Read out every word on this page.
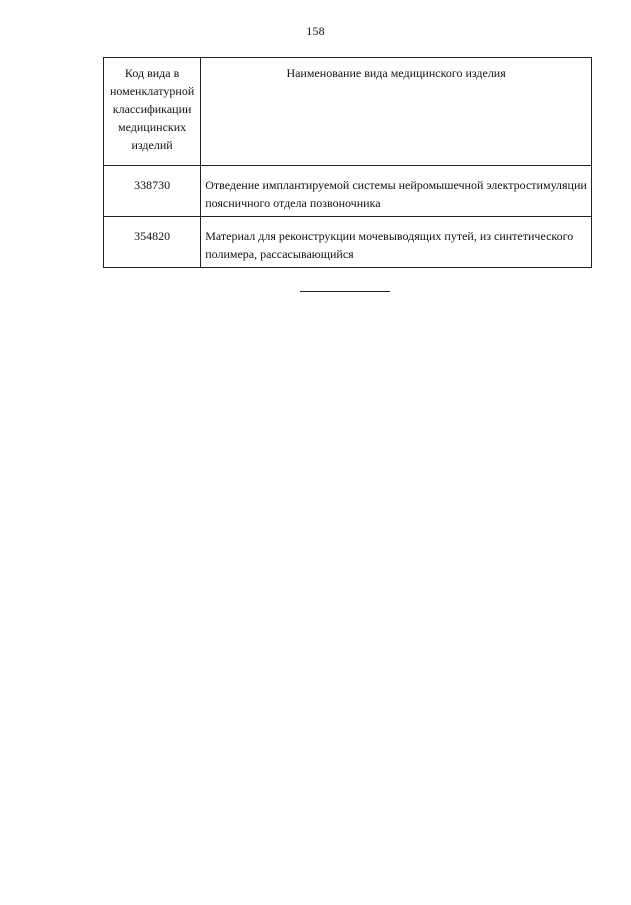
158
Код вида в
номенклатурной
классификации
медицинских
изделий	Наименование вида медицинского изделия
338730	Отведение имплантируемой системы нейромышечной электростимуляции поясничного отдела позвоночника
354820	Материал для реконструкции мочевыводящих путей, из синтетического полимера, рассасывающийся
